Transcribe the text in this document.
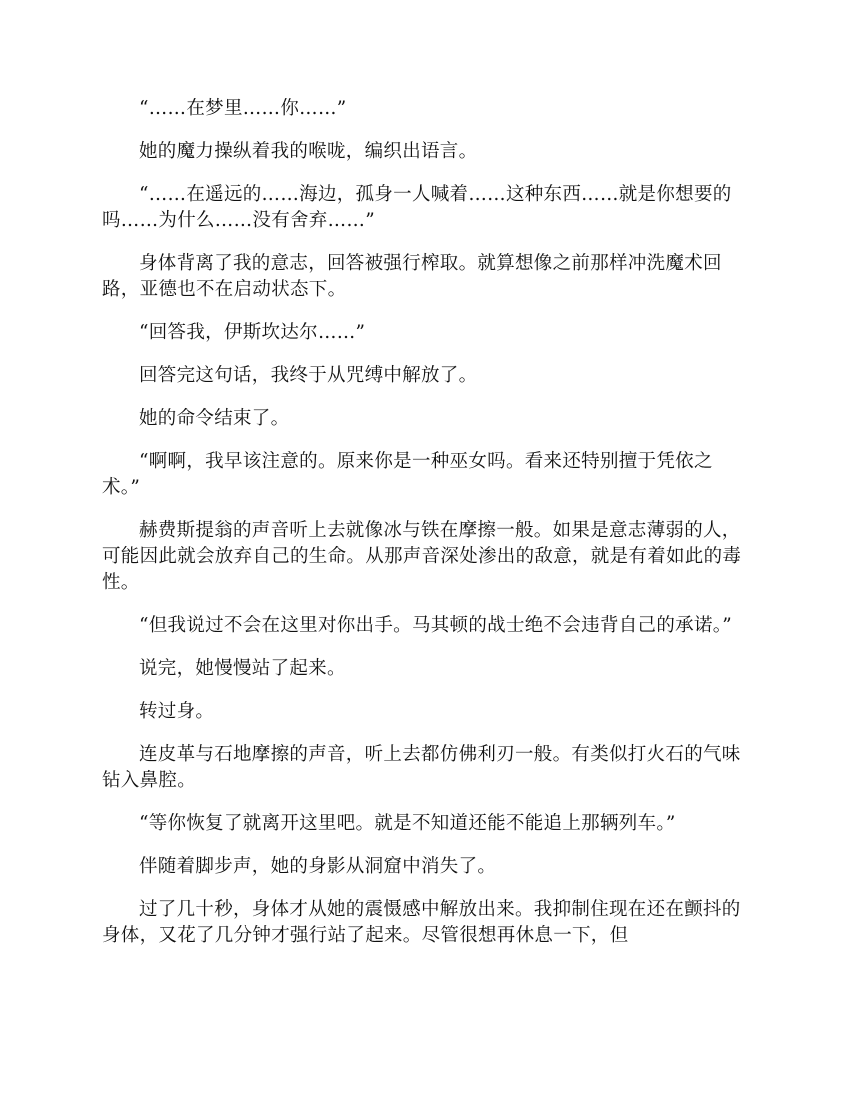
“……在梦里……你……”

她的魔力操纵着我的喉咙，编织出语言。

“……在遥远的……海边，孤身一人喊着……这种东西……就是你想要的吗……为什么……没有舍弃……”

身体背离了我的意志，回答被强行榨取。就算想像之前那样冲洗魔术回路，亚德也不在启动状态下。

“回答我，伊斯坎达尔……”

回答完这句话，我终于从咒缚中解放了。

她的命令结束了。

“啊啊，我早该注意的。原来你是一种巫女吗。看来还特别擅于凭依之术。”

赫费斯提翁的声音听上去就像冰与铁在摩擦一般。如果是意志薄弱的人，可能因此就会放弃自己的生命。从那声音深处渗出的敌意，就是有着如此的毒性。

“但我说过不会在这里对你出手。马其顿的战士绝不会违背自己的承诺。”

说完，她慢慢站了起来。

转过身。

连皮革与石地摩擦的声音，听上去都仿佛利刃一般。有类似打火石的气味钻入鼻腔。

“等你恢复了就离开这里吧。就是不知道还能不能追上那辆列车。”

伴随着脚步声，她的身影从洞窟中消失了。

过了几十秒，身体才从她的震慑感中解放出来。我抑制住现在还在颤抖的身体，又花了几分钟才强行站了起来。尽管很想再休息一下，但
